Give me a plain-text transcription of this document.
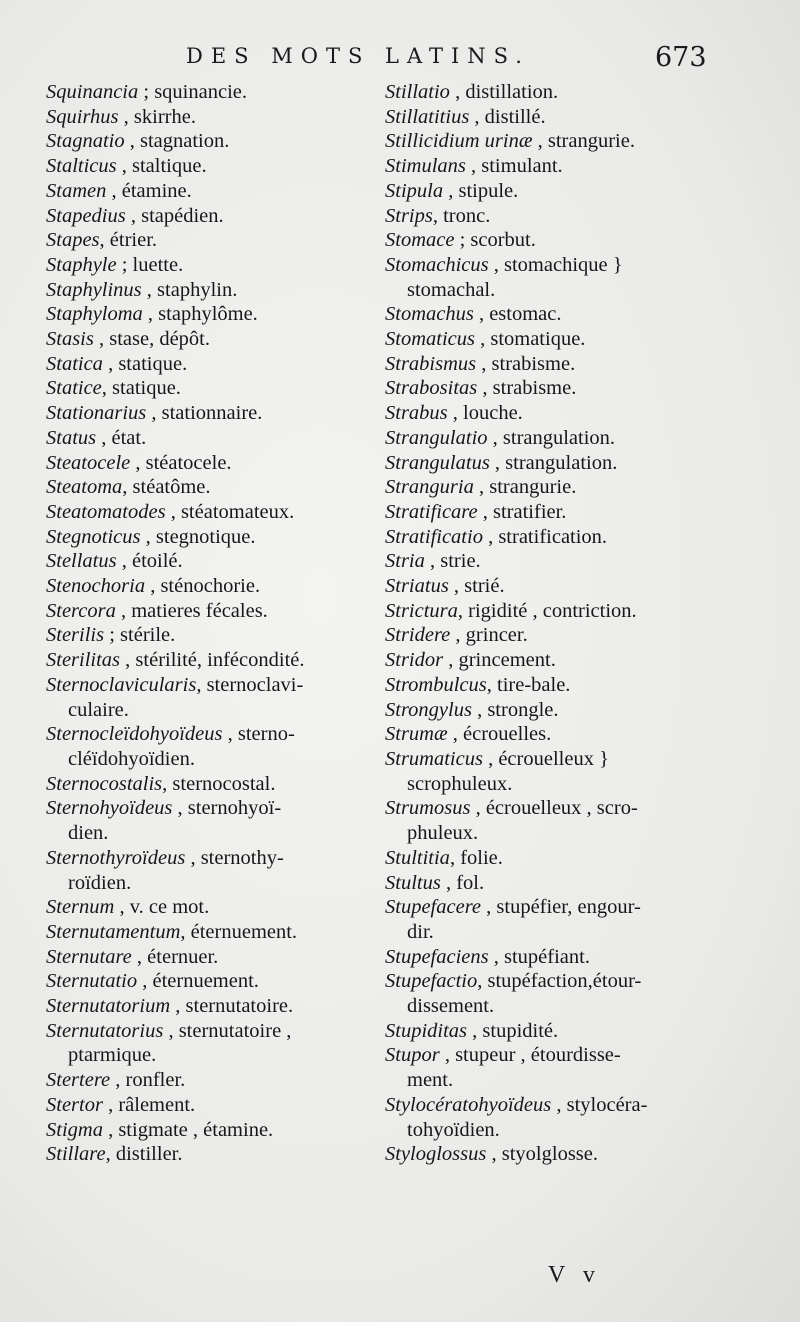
DES MOTS LATINS.	673
Squinancia ; squinancie.
Squirhus , skirrhe.
Stagnatio , stagnation.
Stalticus , staltique.
Stamen , étamine.
Stapedius , stapédien.
Stapes, étrier.
Staphyle ; luette.
Staphylinus , staphylin.
Staphyloma , staphylôme.
Stasis , stase, dépôt.
Statica , statique.
Statice, statique.
Stationarius , stationnaire.
Status , état.
Steatocele , stéatocele.
Steatoma, stéatôme.
Steatomatodes , stéatomateux.
Stegnoticus , stegnotique.
Stellatus , étoilé.
Stenochoria , sténochorie.
Stercora , matieres fécales.
Sterilis ; stérile.
Sterilitas , stérilité, infécondité.
Sternoclavicularis, sternoclavi-
culaire.
Sternocleïdohyoïdeus , sterno-
cléïdohyoïdien.
Sternocostalis, sternocostal.
Sternohyoïdeus , sternohyoï-
dien.
Sternothyroïdeus , sternothy-
roïdien.
Sternum , v. ce mot.
Sternutamentum, éternuement.
Sternutare , éternuer.
Sternutatio , éternuement.
Sternutatorium , sternutatoire.
Sternutatorius , sternutatoire ,
ptarmique.
Stertere , ronfler.
Stertor , râlement.
Stigma , stigmate , étamine.
Stillare, distiller.
Stillatio , distillation.
Stillatitius , distillé.
Stillicidium urinæ , strangurie.
Stimulans , stimulant.
Stipula , stipule.
Strips, tronc.
Stomace ; scorbut.
Stomachicus , stomachique }
stomachal.
Stomachus , estomac.
Stomaticus , stomatique.
Strabismus , strabisme.
Strabositas , strabisme.
Strabus , louche.
Strangulatio , strangulation.
Strangulatus , strangulation.
Stranguria , strangurie.
Stratificare , stratifier.
Stratificatio , stratification.
Stria , strie.
Striatus , strié.
Strictura, rigidité , contriction.
Stridere , grincer.
Stridor , grincement.
Strombulcus, tire-bale.
Strongylus , strongle.
Strumæ , écrouelles.
Strumaticus , écrouelleux }
scrophuleux.
Strumosus , écrouelleux , scro-
phuleux.
Stultitia, folie.
Stultus , fol.
Stupefacere , stupéfier, engour-
dir.
Stupefaciens , stupéfiant.
Stupefactio, stupéfaction,étour-
dissement.
Stupiditas , stupidité.
Stupor , stupeur , étourdisse-
ment.
Stylocératohyoïdeus , stylocéra-
tohyoïdien.
Styloglossus , styolglosse.
V v
